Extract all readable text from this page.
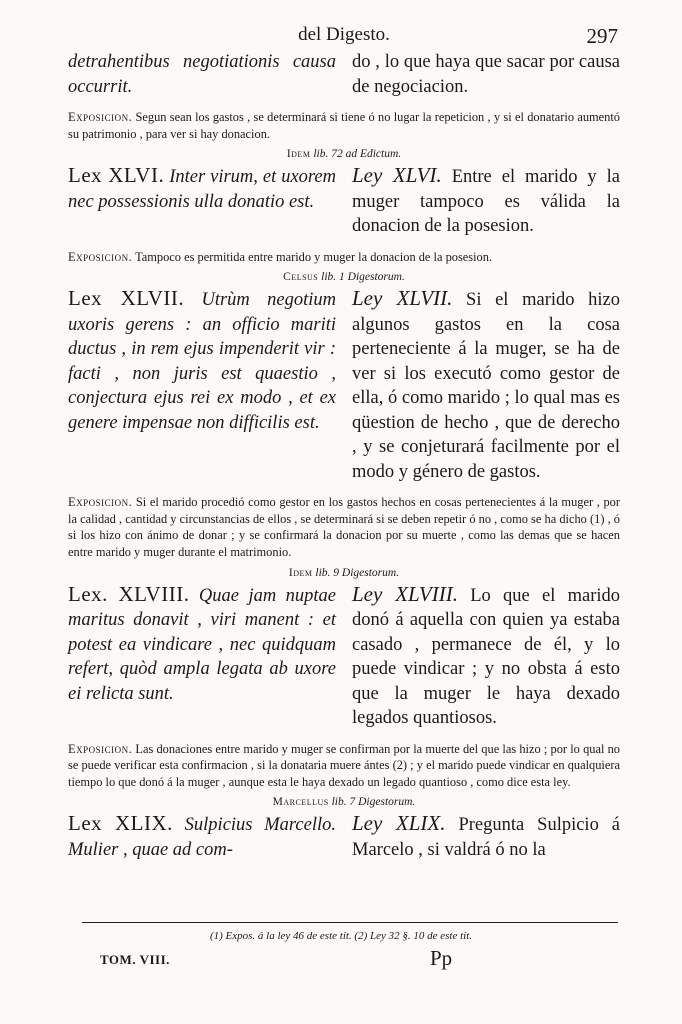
del Digesto.	297
detrahentibus negotiationis causa occurrit.
do , lo que haya que sacar por causa de negociacion.
Exposicion. Segun sean los gastos , se determinará si tiene ó no lugar la repeticion , y si el donatario aumentó su patrimonio , para ver si hay donacion.
Idem lib. 72 ad Edictum.
Lex XLVI. Inter virum, et uxorem nec possessionis ulla donatio est.
Ley XLVI. Entre el marido y la muger tampoco es válida la donacion de la posesion.
Exposicion. Tampoco es permitida entre marido y muger la donacion de la posesion.
Celsus lib. 1 Digestorum.
Lex XLVII. Utrùm negotium uxoris gerens : an officio mariti ductus , in rem ejus impenderit vir : facti , non juris est quaestio , conjectura ejus rei ex modo , et ex genere impensae non difficilis est.
Ley XLVII. Si el marido hizo algunos gastos en la cosa perteneciente á la muger, se ha de ver si los executó como gestor de ella, ó como marido ; lo qual mas es qüestion de hecho , que de derecho , y se conjeturará facilmente por el modo y género de gastos.
Exposicion. Si el marido procedió como gestor en los gastos hechos en cosas pertenecientes á la muger , por la calidad , cantidad y circunstancias de ellos , se determinará si se deben repetir ó no , como se ha dicho (1) , ó si los hizo con ánimo de donar ; y se confirmará la donacion por su muerte , como las demas que se hacen entre marido y muger durante el matrimonio.
Idem lib. 9 Digestorum.
Lex. XLVIII. Quae jam nuptae maritus donavit , viri manent : et potest ea vindicare , nec quidquam refert, quòd ampla legata ab uxore ei relicta sunt.
Ley XLVIII. Lo que el marido donó á aquella con quien ya estaba casado , permanece de él, y lo puede vindicar ; y no obsta á esto que la muger le haya dexado legados quantiosos.
Exposicion. Las donaciones entre marido y muger se confirman por la muerte del que las hizo ; por lo qual no se puede verificar esta confirmacion , si la donataria muere ántes (2) ; y el marido puede vindicar en qualquiera tiempo lo que donó á la muger , aunque esta le haya dexado un legado quantioso , como dice esta ley.
Marcellus lib. 7 Digestorum.
Lex XLIX. Sulpicius Marcello. Mulier , quae ad com-
Ley XLIX. Pregunta Sulpicio á Marcelo , si valdrá ó no la
(1) Expos. á la ley 46 de este tit. (2) Ley 32 §. 10 de este tit.
TOM. VIII.	Pp
